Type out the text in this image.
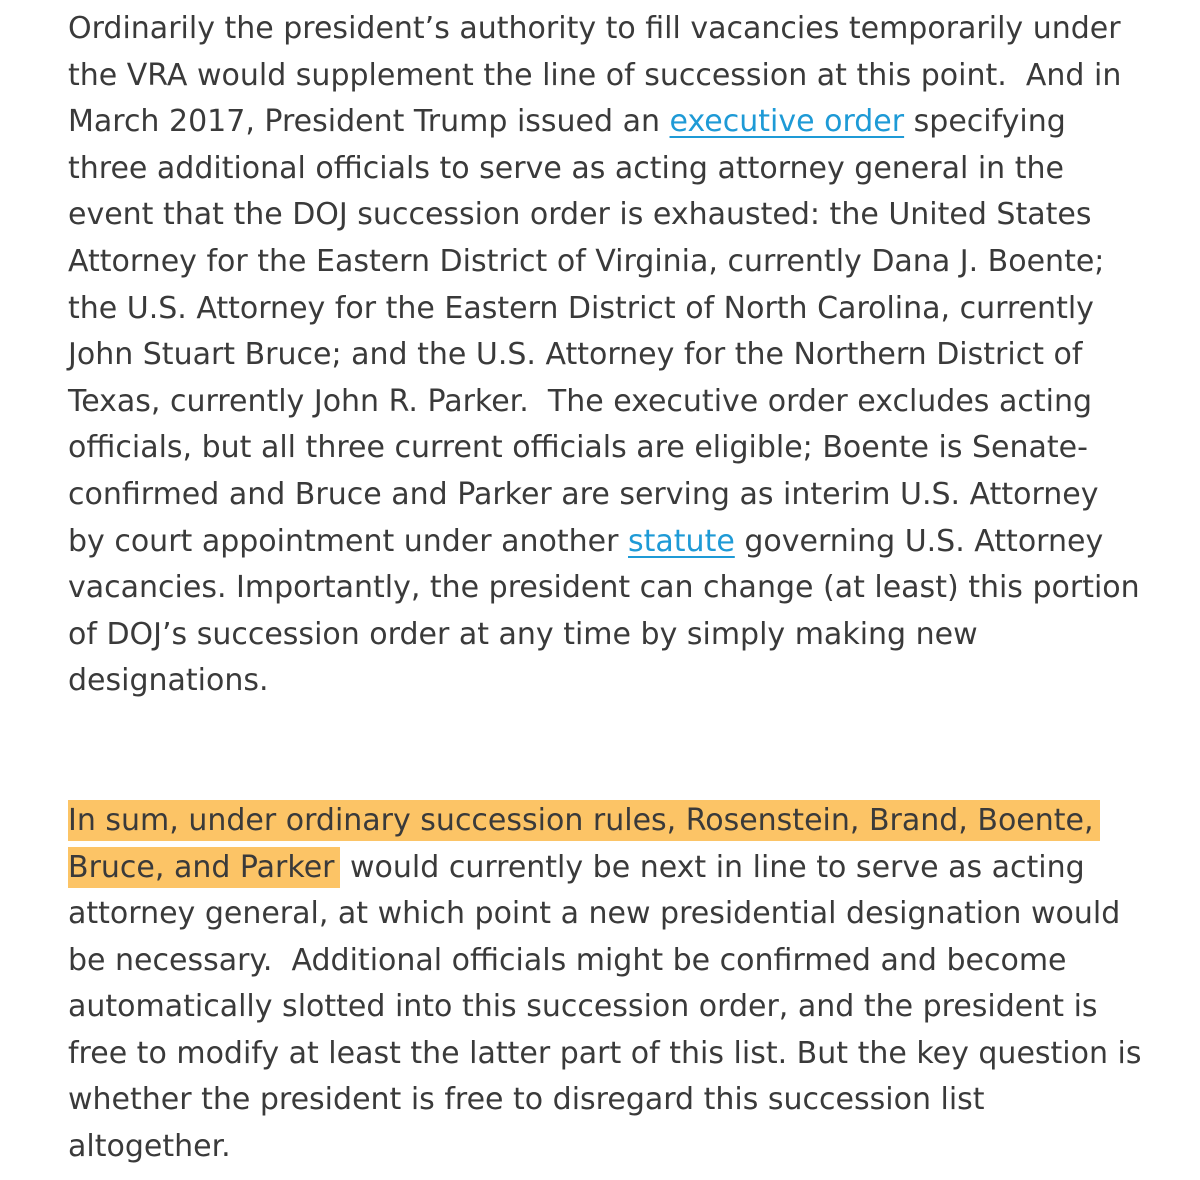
Ordinarily the president’s authority to fill vacancies temporarily under
the VRA would supplement the line of succession at this point.  And in
March 2017, President Trump issued an executive order specifying
three additional officials to serve as acting attorney general in the
event that the DOJ succession order is exhausted: the United States
Attorney for the Eastern District of Virginia, currently Dana J. Boente;
the U.S. Attorney for the Eastern District of North Carolina, currently
John Stuart Bruce; and the U.S. Attorney for the Northern District of
Texas, currently John R. Parker.  The executive order excludes acting
officials, but all three current officials are eligible; Boente is Senate-
confirmed and Bruce and Parker are serving as interim U.S. Attorney
by court appointment under another statute governing U.S. Attorney
vacancies. Importantly, the president can change (at least) this portion
of DOJ’s succession order at any time by simply making new
designations.

In sum, under ordinary succession rules, Rosenstein, Brand, Boente,
Bruce, and Parker would currently be next in line to serve as acting
attorney general, at which point a new presidential designation would
be necessary.  Additional officials might be confirmed and become
automatically slotted into this succession order, and the president is
free to modify at least the latter part of this list. But the key question is
whether the president is free to disregard this succession list
altogether.
